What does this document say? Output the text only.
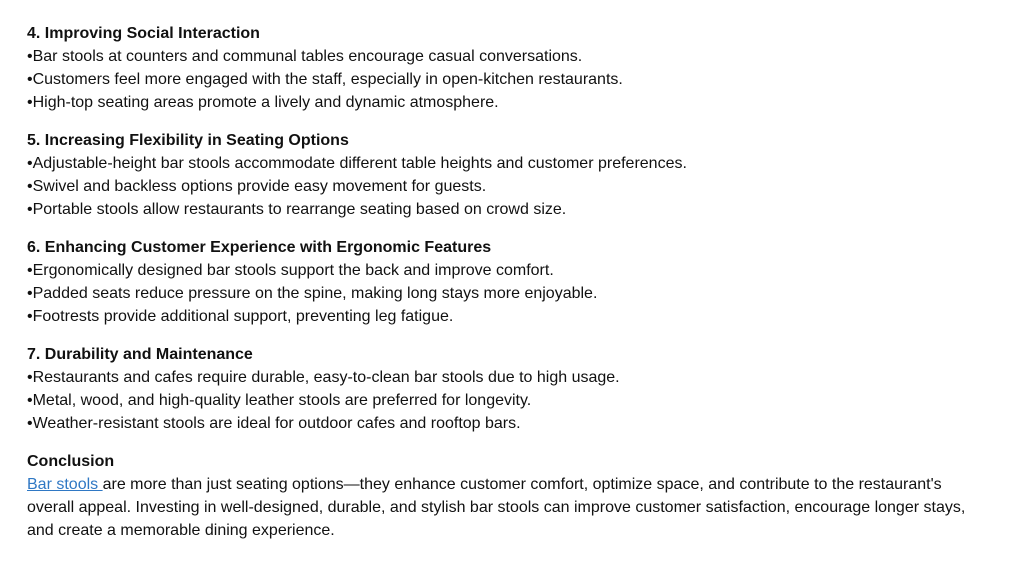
4. Improving Social Interaction

•Bar stools at counters and communal tables encourage casual conversations.

•Customers feel more engaged with the staff, especially in open-kitchen restaurants.

•High-top seating areas promote a lively and dynamic atmosphere.

5. Increasing Flexibility in Seating Options

•Adjustable-height bar stools accommodate different table heights and customer preferences.

•Swivel and backless options provide easy movement for guests.

•Portable stools allow restaurants to rearrange seating based on crowd size.

6. Enhancing Customer Experience with Ergonomic Features

•Ergonomically designed bar stools support the back and improve comfort.

•Padded seats reduce pressure on the spine, making long stays more enjoyable.

•Footrests provide additional support, preventing leg fatigue.

7. Durability and Maintenance

•Restaurants and cafes require durable, easy-to-clean bar stools due to high usage.

•Metal, wood, and high-quality leather stools are preferred for longevity.

•Weather-resistant stools are ideal for outdoor cafes and rooftop bars.

Conclusion

Bar stools are more than just seating options—they enhance customer comfort, optimize space, and contribute to the restaurant's overall appeal. Investing in well-designed, durable, and stylish bar stools can improve customer satisfaction, encourage longer stays, and create a memorable dining experience.
